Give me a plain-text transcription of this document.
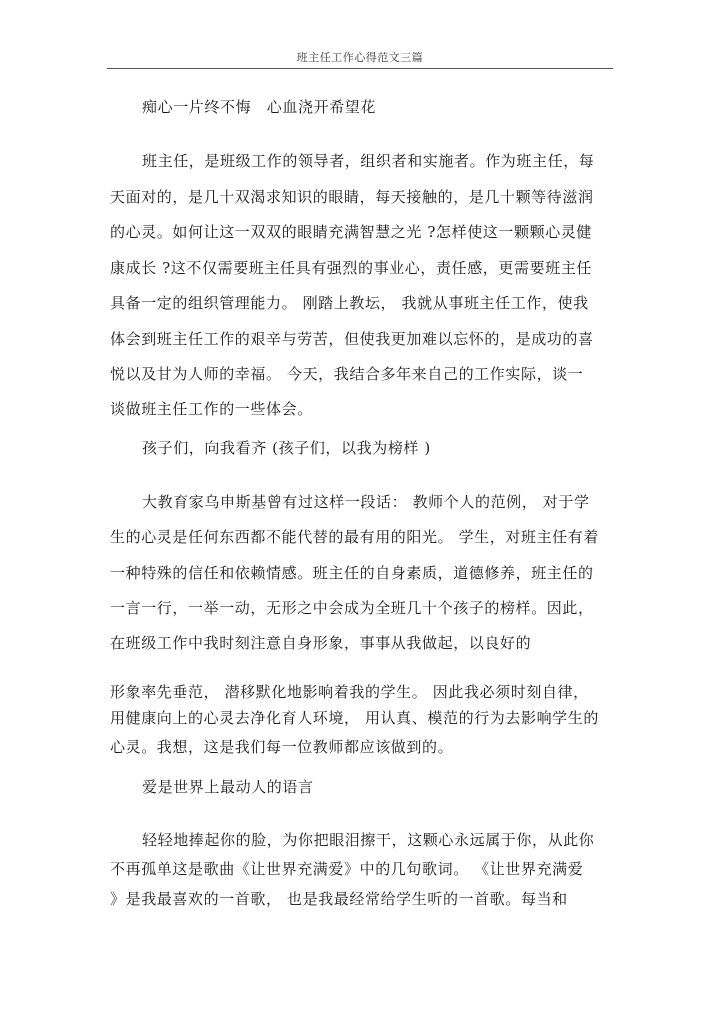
班主任工作心得范文三篇
痴心一片终不悔　心血浇开希望花
班主任，是班级工作的领导者，组织者和实施者。作为班主任，每
天面对的，是几十双渴求知识的眼睛，每天接触的，是几十颗等待滋润
的心灵。如何让这一双双的眼睛充满智慧之光 ?怎样使这一颗颗心灵健
康成长 ?这不仅需要班主任具有强烈的事业心，责任感，更需要班主任
具备一定的组织管理能力。 刚踏上教坛， 我就从事班主任工作，使我
体会到班主任工作的艰辛与劳苦，但使我更加难以忘怀的，是成功的喜
悦以及甘为人师的幸福。 今天，我结合多年来自己的工作实际，谈一
谈做班主任工作的一些体会。
孩子们，向我看齐 (孩子们，以我为榜样 )
大教育家乌申斯基曾有过这样一段话： 教师个人的范例， 对于学
生的心灵是任何东西都不能代替的最有用的阳光。 学生，对班主任有着
一种特殊的信任和依赖情感。班主任的自身素质，道德修养，班主任的
一言一行，一举一动，无形之中会成为全班几十个孩子的榜样。因此，
在班级工作中我时刻注意自身形象，事事从我做起，以良好的
形象率先垂范， 潜移默化地影响着我的学生。 因此我必须时刻自律，
用健康向上的心灵去净化育人环境， 用认真、模范的行为去影响学生的
心灵。我想，这是我们每一位教师都应该做到的。
爱是世界上最动人的语言
轻轻地捧起你的脸，为你把眼泪擦干，这颗心永远属于你，从此你
不再孤单这是歌曲《让世界充满爱》中的几句歌词。 《让世界充满爱
》是我最喜欢的一首歌， 也是我最经常给学生听的一首歌。每当和
